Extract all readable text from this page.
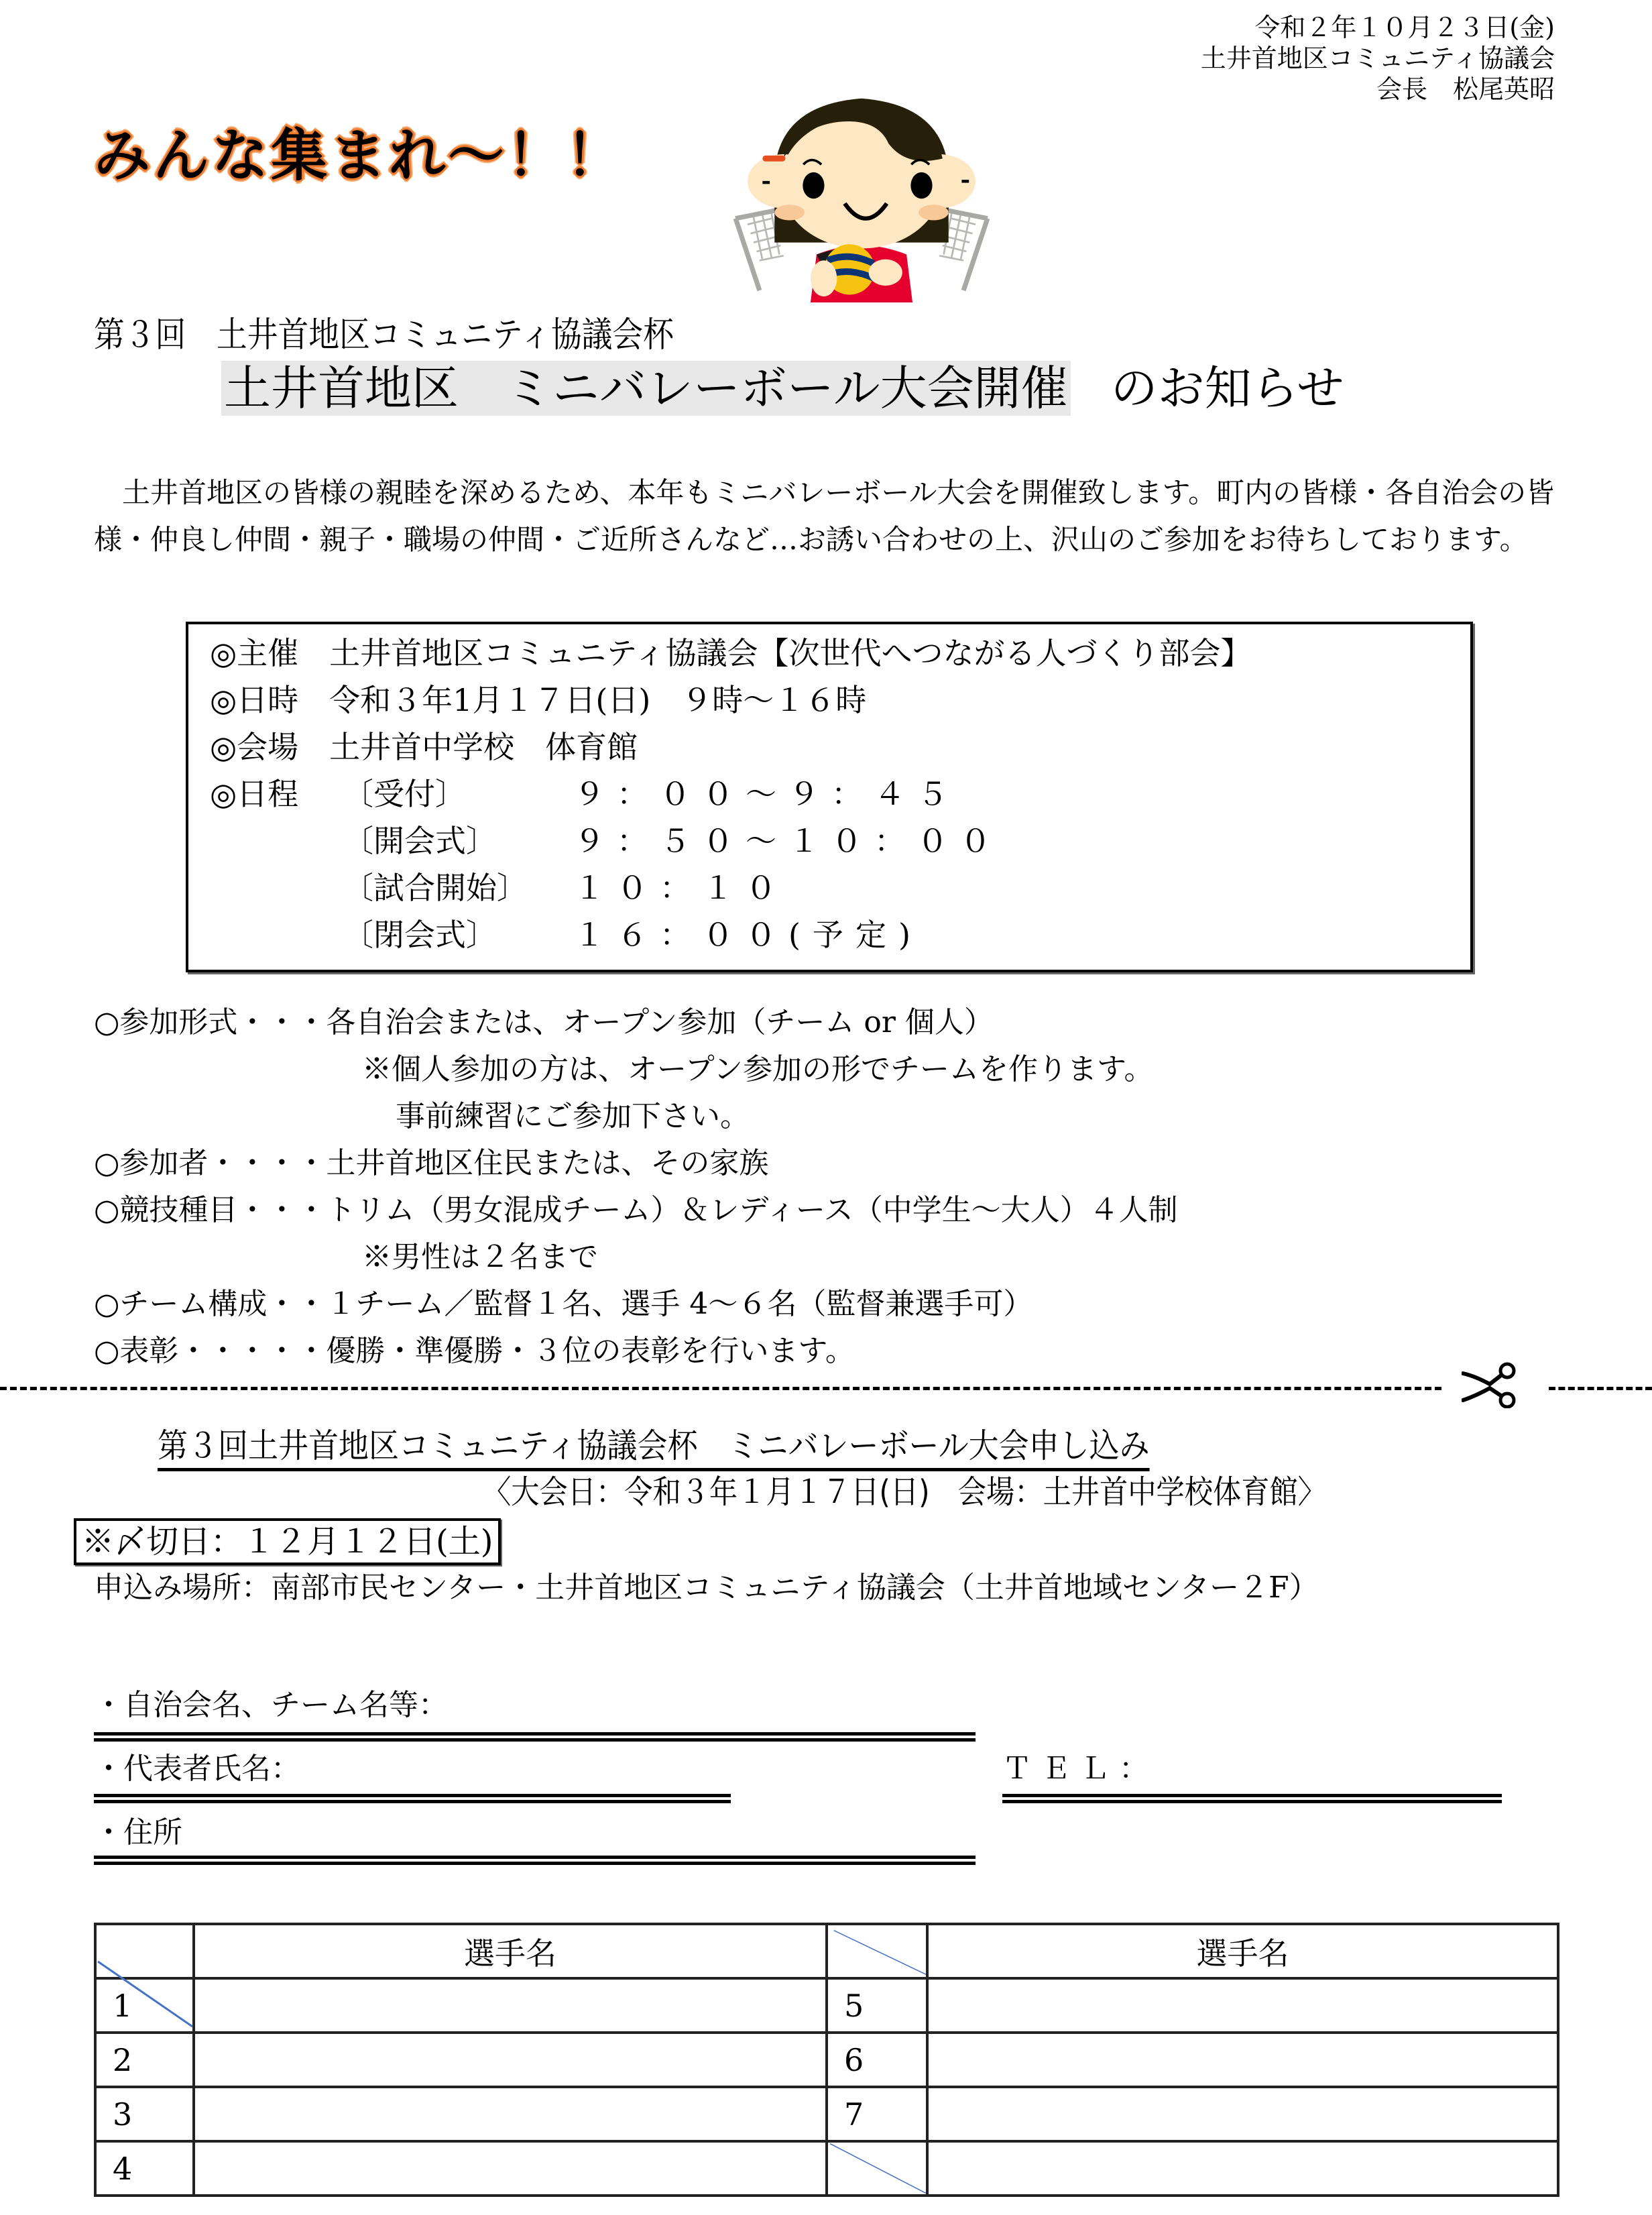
令和２年１０月２３日(金)
土井首地区コミュニティ協議会
会長　松尾英昭
みんな集まれ〜！！
第３回　土井首地区コミュニティ協議会杯
土井首地区　ミニバレーボール大会開催 のお知らせ
　土井首地区の皆様の親睦を深めるため、本年もミニバレーボール大会を開催致します。町内の皆様・各自治会の皆様・仲良し仲間・親子・職場の仲間・ご近所さんなど…お誘い合わせの上、沢山のご参加をお待ちしております。
◎主催　土井首地区コミュニティ協議会【次世代へつながる人づくり部会】
◎日時　令和３年1月１７日(日)　９時〜１６時
◎会場　土井首中学校　体育館
◎日程 〔受付〕	９：００〜９：４５
〔開会式〕	９：５０〜１０：００
〔試合開始〕 １０：１０
〔閉会式〕	１６：００(予定)
○参加形式・・・各自治会または、オープン参加（チーム or 個人）
※個人参加の方は、オープン参加の形でチームを作ります。
事前練習にご参加下さい。
○参加者・・・・土井首地区住民または、その家族
○競技種目・・・トリム（男女混成チーム）＆レディース（中学生〜大人）４人制
※男性は２名まで
○チーム構成・・１チーム／監督１名、選手 4〜６名（監督兼選手可）
○表彰・・・・・優勝・準優勝・３位の表彰を行います。
第３回土井首地区コミュニティ協議会杯　ミニバレーボール大会申し込み
〈大会日：令和３年１月１７日(日)　会場：土井首中学校体育館〉
※〆切日：１２月１２日(土)
申込み場所：南部市民センター・土井首地区コミュニティ協議会（土井首地域センター２F）
・自治会名、チーム名等：
・代表者氏名：	ＴＥＬ：
・住所
	選手名		選手名
1		5	
2		6	
3		7	
4		
